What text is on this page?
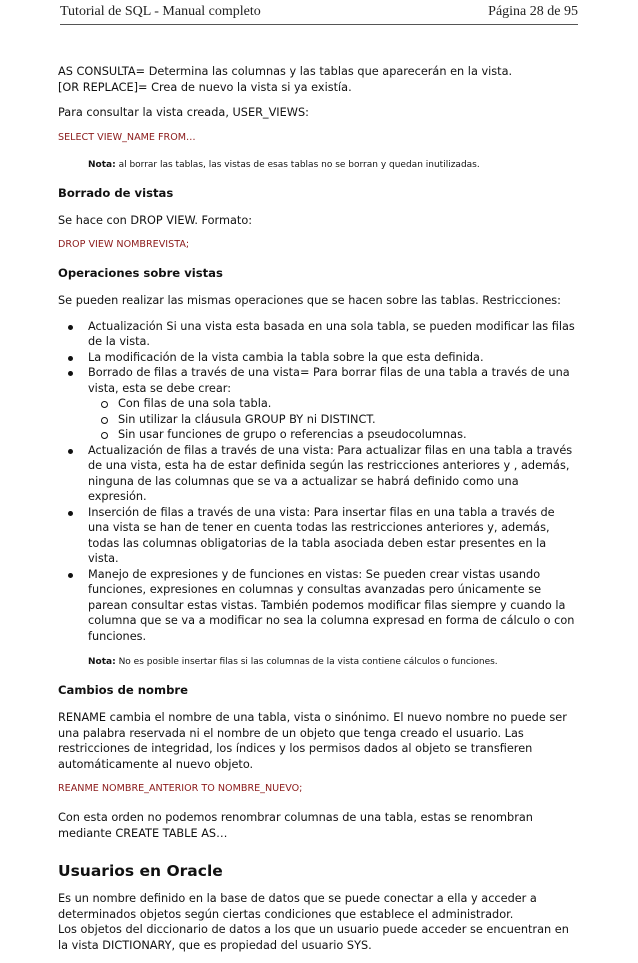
Tutorial de SQL - Manual completo	Página 28 de 95

AS CONSULTA= Determina las columnas y las tablas que aparecerán en la vista.
[OR REPLACE]= Crea de nuevo la vista si ya existía.

Para consultar la vista creada, USER_VIEWS:

SELECT VIEW_NAME FROM…

Nota: al borrar las tablas, las vistas de esas tablas no se borran y quedan inutilizadas.

Borrado de vistas

Se hace con DROP VIEW. Formato:

DROP VIEW NOMBREVISTA;

Operaciones sobre vistas

Se pueden realizar las mismas operaciones que se hacen sobre las tablas. Restricciones:

Actualización Si una vista esta basada en una sola tabla, se pueden modificar las filas de la vista.
La modificación de la vista cambia la tabla sobre la que esta definida.
Borrado de filas a través de una vista= Para borrar filas de una tabla a través de una vista, esta se debe crear:
Con filas de una sola tabla.
Sin utilizar la cláusula GROUP BY ni DISTINCT.
Sin usar funciones de grupo o referencias a pseudocolumnas.
Actualización de filas a través de una vista: Para actualizar filas en una tabla a través de una vista, esta ha de estar definida según las restricciones anteriores y , además, ninguna de las columnas que se va a actualizar se habrá definido como una expresión.
Inserción de filas a través de una vista: Para insertar filas en una tabla a través de una vista se han de tener en cuenta todas las restricciones anteriores y, además, todas las columnas obligatorias de la tabla asociada deben estar presentes en la vista.
Manejo de expresiones y de funciones en vistas: Se pueden crear vistas usando funciones, expresiones en columnas y consultas avanzadas pero únicamente se parean consultar estas vistas. También podemos modificar filas siempre y cuando la columna que se va a modificar no sea la columna expresad en forma de cálculo o con funciones.

Nota: No es posible insertar filas si las columnas de la vista contiene cálculos o funciones.

Cambios de nombre

RENAME cambia el nombre de una tabla, vista o sinónimo. El nuevo nombre no puede ser una palabra reservada ni el nombre de un objeto que tenga creado el usuario. Las restricciones de integridad, los índices y los permisos dados al objeto se transfieren automáticamente al nuevo objeto.

REANME NOMBRE_ANTERIOR TO NOMBRE_NUEVO;

Con esta orden no podemos renombrar columnas de una tabla, estas se renombran mediante CREATE TABLE AS…

Usuarios en Oracle

Es un nombre definido en la base de datos que se puede conectar a ella y acceder a determinados objetos según ciertas condiciones que establece el administrador.
Los objetos del diccionario de datos a los que un usuario puede acceder se encuentran en la vista DICTIONARY, que es propiedad del usuario SYS.
